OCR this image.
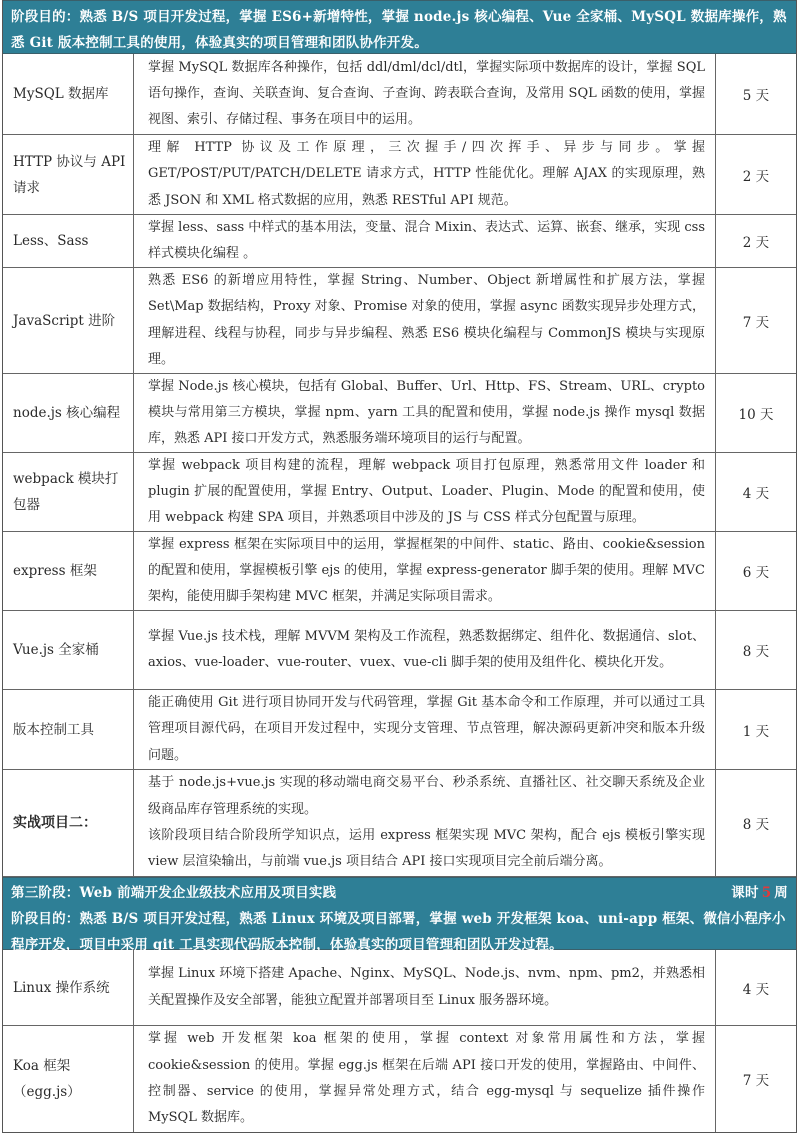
阶段目的：熟悉 B/S 项目开发过程，掌握 ES6+新增特性，掌握 node.js 核心编程、Vue 全家桶、MySQL 数据库操作，熟悉 Git 版本控制工具的使用，体验真实的项目管理和团队协作开发。
MySQL 数据库
掌握 MySQL 数据库各种操作，包括 ddl/dml/dcl/dtl，掌握实际项中数据库的设计，掌握 SQL 语句操作，查询、关联查询、复合查询、子查询、跨表联合查询，及常用 SQL 函数的使用，掌握视图、索引、存储过程、事务在项目中的运用。
5 天
HTTP 协议与 API 请求
理解 HTTP 协议及工作原理，三次握手/四次挥手、异步与同步。掌握 GET/POST/PUT/PATCH/DELETE 请求方式，HTTP 性能优化。理解 AJAX 的实现原理，熟悉 JSON 和 XML 格式数据的应用，熟悉 RESTful API 规范。
2 天
Less、Sass
掌握 less、sass 中样式的基本用法，变量、混合 Mixin、表达式、运算、嵌套、继承，实现 css 样式模块化编程 。
2 天
JavaScript 进阶
熟悉 ES6 的新增应用特性，掌握 String、Number、Object 新增属性和扩展方法，掌握 Set\Map 数据结构，Proxy 对象、Promise 对象的使用，掌握 async 函数实现异步处理方式，理解进程、线程与协程，同步与异步编程、熟悉 ES6 模块化编程与 CommonJS 模块与实现原理。
7 天
node.js 核心编程
掌握 Node.js 核心模块，包括有 Global、Buffer、Url、Http、FS、Stream、URL、crypto 模块与常用第三方模块，掌握 npm、yarn 工具的配置和使用，掌握 node.js 操作 mysql 数据库，熟悉 API 接口开发方式，熟悉服务端环境项目的运行与配置。
10 天
webpack 模块打包器
掌握 webpack 项目构建的流程，理解 webpack 项目打包原理，熟悉常用文件 loader 和 plugin 扩展的配置使用，掌握 Entry、Output、Loader、Plugin、Mode 的配置和使用，使用 webpack 构建 SPA 项目，并熟悉项目中涉及的 JS 与 CSS 样式分包配置与原理。
4 天
express 框架
掌握 express 框架在实际项目中的运用，掌握框架的中间件、static、路由、cookie&session 的配置和使用，掌握模板引擎 ejs 的使用，掌握 express-generator 脚手架的使用。理解 MVC 架构，能使用脚手架构建 MVC 框架，并满足实际项目需求。
6 天
Vue.js 全家桶
掌握 Vue.js 技术栈，理解 MVVM 架构及工作流程，熟悉数据绑定、组件化、数据通信、slot、axios、vue-loader、vue-router、vuex、vue-cli 脚手架的使用及组件化、模块化开发。
8 天
版本控制工具
能正确使用 Git 进行项目协同开发与代码管理，掌握 Git 基本命令和工作原理，并可以通过工具管理项目源代码，在项目开发过程中，实现分支管理、节点管理，解决源码更新冲突和版本升级问题。
1 天
实战项目二：

基于 node.js+vue.js 实现的移动端电商交易平台、秒杀系统、直播社区、社交聊天系统及企业级商品库存管理系统的实现。

该阶段项目结合阶段所学知识点，运用 express 框架实现 MVC 架构，配合 ejs 模板引擎实现 view 层渲染输出，与前端 vue.js 项目结合 API 接口实现项目完全前后端分离。

8 天
第三阶段：Web 前端开发企业级技术应用及项目实践	课时 5 周
阶段目的：熟悉 B/S 项目开发过程，熟悉 Linux 环境及项目部署，掌握 web 开发框架 koa、uni-app 框架、微信小程序小程序开发，项目中采用 git 工具实现代码版本控制，体验真实的项目管理和团队开发过程。
Linux 操作系统
掌握 Linux 环境下搭建 Apache、Nginx、MySQL、Node.js、nvm、npm、pm2，并熟悉相关配置操作及安全部署，能独立配置并部署项目至 Linux 服务器环境。
4 天
Koa 框架（egg.js）
掌握 web 开发框架 koa 框架的使用，掌握 context 对象常用属性和方法，掌握 cookie&session 的使用。掌握 egg.js 框架在后端 API 接口开发的使用，掌握路由、中间件、控制器、service 的使用，掌握异常处理方式，结合 egg-mysql 与 sequelize 插件操作 MySQL 数据库。
7 天
